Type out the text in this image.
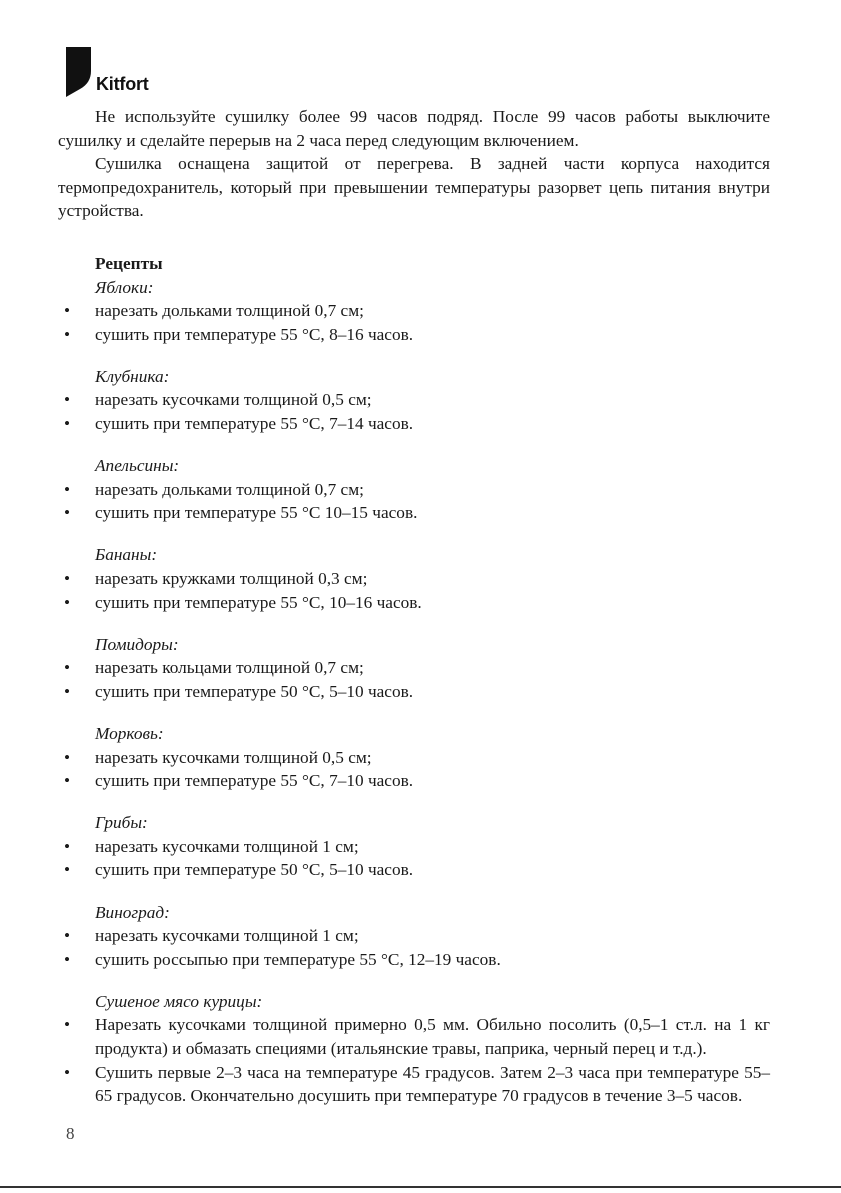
Kitfort

Не используйте сушилку более 99 часов подряд. После 99 часов работы выключите сушилку и сделайте перерыв на 2 часа перед следующим включением.

Сушилка оснащена защитой от перегрева. В задней части корпуса находится термопредохранитель, который при превышении температуры разорвет цепь питания внутри устройства.

Рецепты
Яблоки:
• нарезать дольками толщиной 0,7 см;
• сушить при температуре 55 °С, 8–16 часов.
Клубника:
• нарезать кусочками толщиной 0,5 см;
• сушить при температуре 55 °С, 7–14 часов.
Апельсины:
• нарезать дольками толщиной 0,7 см;
• сушить при температуре 55 °С 10–15 часов.
Бананы:
• нарезать кружками толщиной 0,3 см;
• сушить при температуре 55 °С, 10–16 часов.
Помидоры:
• нарезать кольцами толщиной 0,7 см;
• сушить при температуре 50 °С, 5–10 часов.
Морковь:
• нарезать кусочками толщиной 0,5 см;
• сушить при температуре 55 °С, 7–10 часов.
Грибы:
• нарезать кусочками толщиной 1 см;
• сушить при температуре 50 °С, 5–10 часов.
Виноград:
• нарезать кусочками толщиной 1 см;
• сушить россыпью при температуре 55 °С, 12–19 часов.
Сушеное мясо курицы:
• Нарезать кусочками толщиной примерно 0,5 мм. Обильно посолить (0,5–1 ст.л. на 1 кг продукта) и обмазать специями (итальянские травы, паприка, черный перец и т.д.).
• Сушить первые 2–3 часа на температуре 45 градусов. Затем 2–3 часа при температуре 55–65 градусов. Окончательно досушить при температуре 70 градусов в течение 3–5 часов.
8
